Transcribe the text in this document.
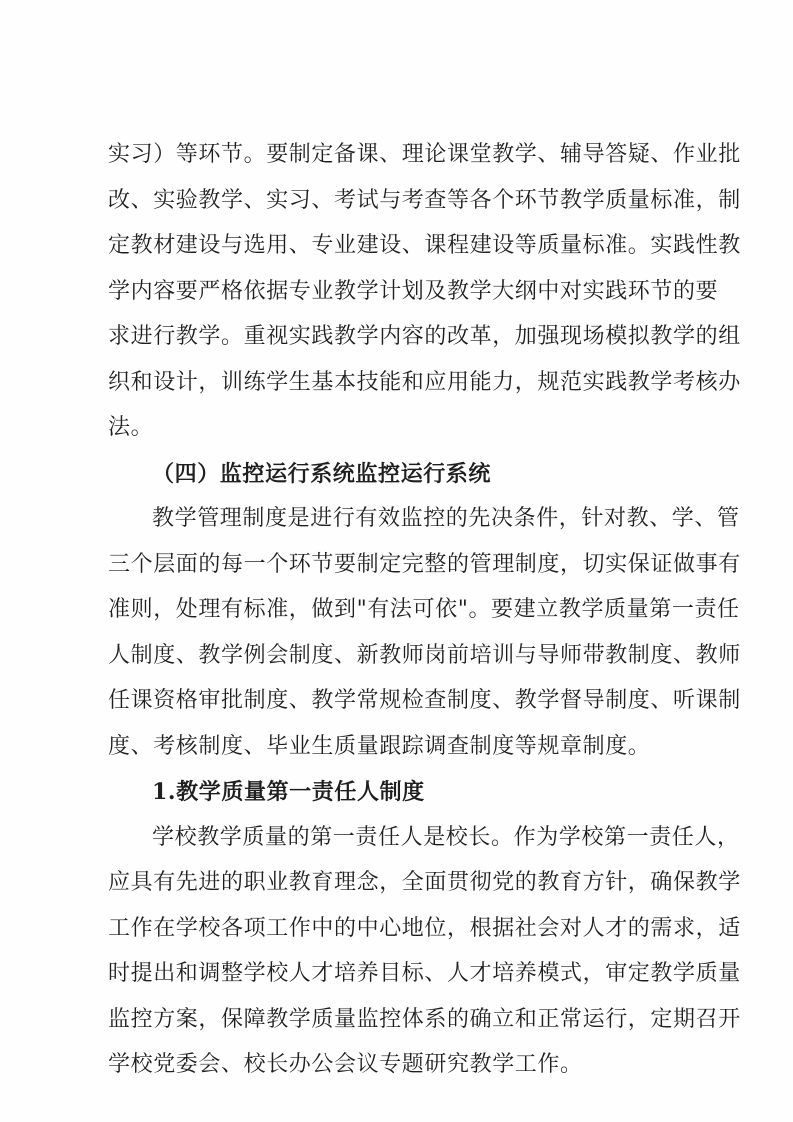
实习）等环节。要制定备课、理论课堂教学、辅导答疑、作业批
改、实验教学、实习、考试与考查等各个环节教学质量标准，制
定教材建设与选用、专业建设、课程建设等质量标准。实践性教
学内容要严格依据专业教学计划及教学大纲中对实践环节的要
求进行教学。重视实践教学内容的改革，加强现场模拟教学的组
织和设计，训练学生基本技能和应用能力，规范实践教学考核办
法。
（四）监控运行系统监控运行系统
教学管理制度是进行有效监控的先决条件，针对教、学、管
三个层面的每一个环节要制定完整的管理制度，切实保证做事有
准则，处理有标准，做到"有法可依"。要建立教学质量第一责任
人制度、教学例会制度、新教师岗前培训与导师带教制度、教师
任课资格审批制度、教学常规检查制度、教学督导制度、听课制
度、考核制度、毕业生质量跟踪调查制度等规章制度。
1.教学质量第一责任人制度
学校教学质量的第一责任人是校长。作为学校第一责任人，
应具有先进的职业教育理念，全面贯彻党的教育方针，确保教学
工作在学校各项工作中的中心地位，根据社会对人才的需求，适
时提出和调整学校人才培养目标、人才培养模式，审定教学质量
监控方案，保障教学质量监控体系的确立和正常运行，定期召开
学校党委会、校长办公会议专题研究教学工作。
